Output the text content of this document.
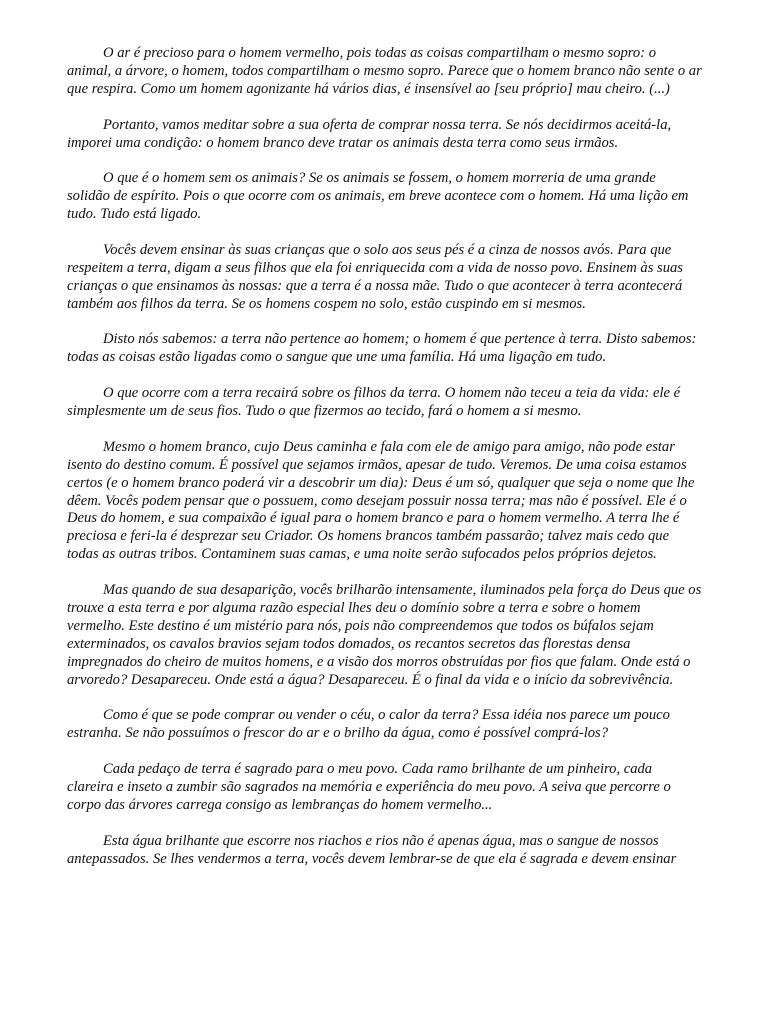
O ar é precioso para o homem vermelho, pois todas as coisas compartilham o mesmo sopro: o animal, a árvore, o homem, todos compartilham o mesmo sopro. Parece que o homem branco não sente o ar que respira. Como um homem agonizante há vários dias, é insensível ao [seu próprio] mau cheiro. (...)

Portanto, vamos meditar sobre a sua oferta de comprar nossa terra. Se nós decidirmos aceitá-la, imporei uma condição: o homem branco deve tratar os animais desta terra como seus irmãos.

O que é o homem sem os animais? Se os animais se fossem, o homem morreria de uma grande solidão de espírito. Pois o que ocorre com os animais, em breve acontece com o homem. Há uma lição em tudo. Tudo está ligado.

Vocês devem ensinar às suas crianças que o solo aos seus pés é a cinza de nossos avós. Para que respeitem a terra, digam a seus filhos que ela foi enriquecida com a vida de nosso povo. Ensinem às suas crianças o que ensinamos às nossas: que a terra é a nossa mãe. Tudo o que acontecer à terra acontecerá também aos filhos da terra. Se os homens cospem no solo, estão cuspindo em si mesmos.

Disto nós sabemos: a terra não pertence ao homem; o homem é que pertence à terra. Disto sabemos: todas as coisas estão ligadas como o sangue que une uma família. Há uma ligação em tudo.

O que ocorre com a terra recairá sobre os filhos da terra. O homem não teceu a teia da vida: ele é simplesmente um de seus fios. Tudo o que fizermos ao tecido, fará o homem a si mesmo.

Mesmo o homem branco, cujo Deus caminha e fala com ele de amigo para amigo, não pode estar isento do destino comum. É possível que sejamos irmãos, apesar de tudo. Veremos. De uma coisa estamos certos (e o homem branco poderá vir a descobrir um dia): Deus é um só, qualquer que seja o nome que lhe dêem. Vocês podem pensar que o possuem, como desejam possuir nossa terra; mas não é possível. Ele é o Deus do homem, e sua compaixão é igual para o homem branco e para o homem vermelho. A terra lhe é preciosa e feri-la é desprezar seu Criador. Os homens brancos também passarão; talvez mais cedo que todas as outras tribos. Contaminem suas camas, e uma noite serão sufocados pelos próprios dejetos.

Mas quando de sua desaparição, vocês brilharão intensamente, iluminados pela força do Deus que os trouxe a esta terra e por alguma razão especial lhes deu o domínio sobre a terra e sobre o homem vermelho. Este destino é um mistério para nós, pois não compreendemos que todos os búfalos sejam exterminados, os cavalos bravios sejam todos domados, os recantos secretos das florestas densa impregnados do cheiro de muitos homens, e a visão dos morros obstruídas por fios que falam. Onde está o arvoredo? Desapareceu. Onde está a água? Desapareceu. É o final da vida e o início da sobrevivência.

Como é que se pode comprar ou vender o céu, o calor da terra? Essa idéia nos parece um pouco estranha. Se não possuímos o frescor do ar e o brilho da água, como é possível comprá-los?

Cada pedaço de terra é sagrado para o meu povo. Cada ramo brilhante de um pinheiro, cada clareira e inseto a zumbir são sagrados na memória e experiência do meu povo. A seiva que percorre o corpo das árvores carrega consigo as lembranças do homem vermelho...

Esta água brilhante que escorre nos riachos e rios não é apenas água, mas o sangue de nossos antepassados. Se lhes vendermos a terra, vocês devem lembrar-se de que ela é sagrada e devem ensinar
